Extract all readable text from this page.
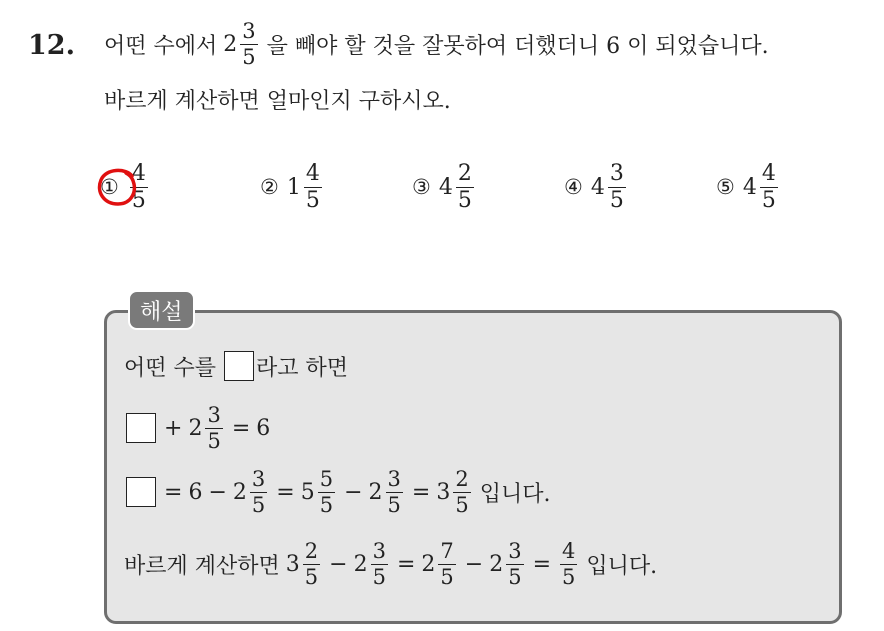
12. 어떤 수에서 $2 \frac{3}{5}$ 을 빼야 할 것을 잘못하여 더했더니 6 이 되었습니다.
바르게 계산하면 얼마인지 구하시오.
① $\frac{4}{5}$	② $1 \frac{4}{5}$	③ $4 \frac{2}{5}$	④ $4 \frac{3}{5}$	⑤ $4 \frac{4}{5}$
해설
어떤 수를 라고 하면
+ $2 \frac{3}{5} = 6$
= $6 - 2 \frac{3}{5} = 5 \frac{5}{5} - 2 \frac{3}{5} = 3 \frac{2}{5}$ 입니다.
바르게 계산하면 $3 \frac{2}{5} - 2 \frac{3}{5} = 2 \frac{7}{5} - 2 \frac{3}{5} = \frac{4}{5}$ 입니다.
